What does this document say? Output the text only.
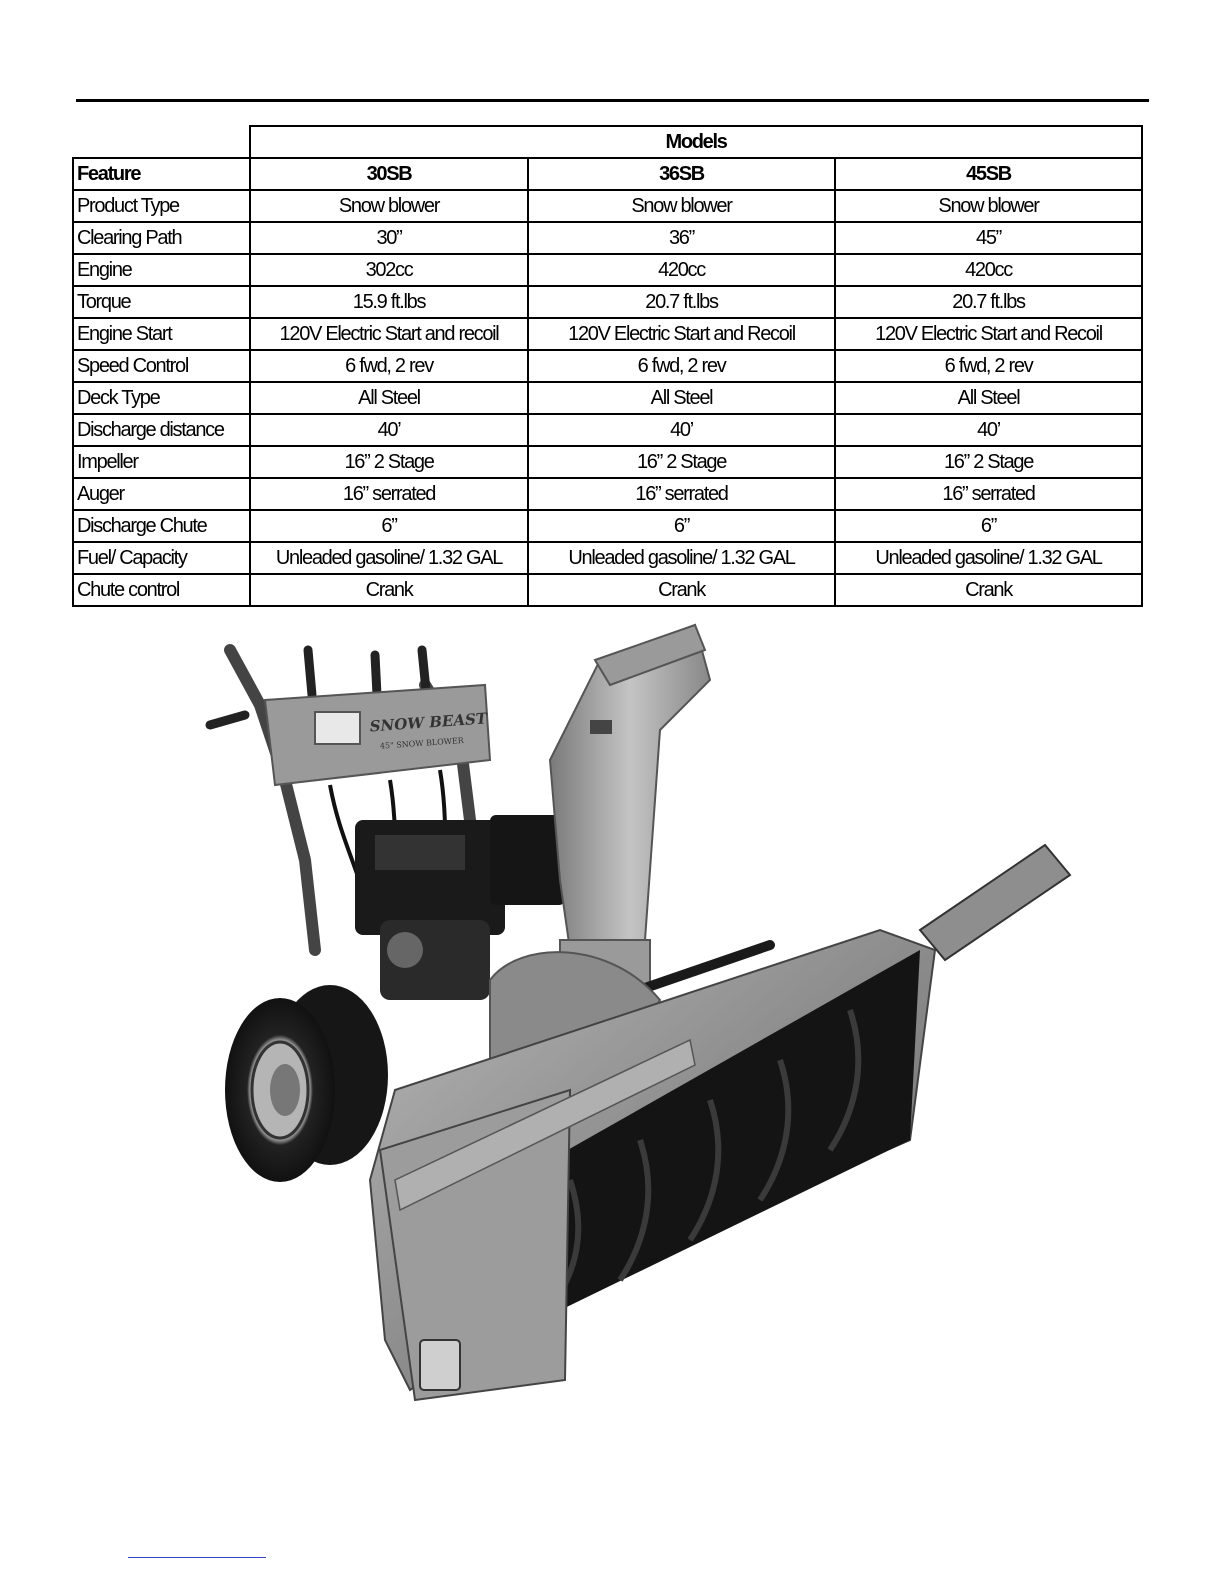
	Models		
Feature	30SB	36SB	45SB
Product Type	Snow blower	Snow blower	Snow blower
Clearing Path	30”	36”	45”
Engine	302cc	420cc	420cc
Torque	15.9 ft.lbs	20.7 ft.lbs	20.7 ft.lbs
Engine Start	120V Electric Start and recoil	120V Electric Start and Recoil	120V Electric Start and Recoil
Speed Control	6 fwd, 2 rev	6 fwd, 2 rev	6 fwd, 2 rev
Deck Type	All Steel	All Steel	All Steel
Discharge distance	40’	40’	40’
Impeller	16” 2 Stage	16” 2 Stage	16” 2 Stage
Auger	16” serrated	16” serrated	16” serrated
Discharge Chute	6”	6”	6”
Fuel/ Capacity	Unleaded gasoline/ 1.32 GAL	Unleaded gasoline/ 1.32 GAL	Unleaded gasoline/ 1.32 GAL
Chute control	Crank	Crank	Crank
SNOW BEAST
45" SNOW BLOWER
